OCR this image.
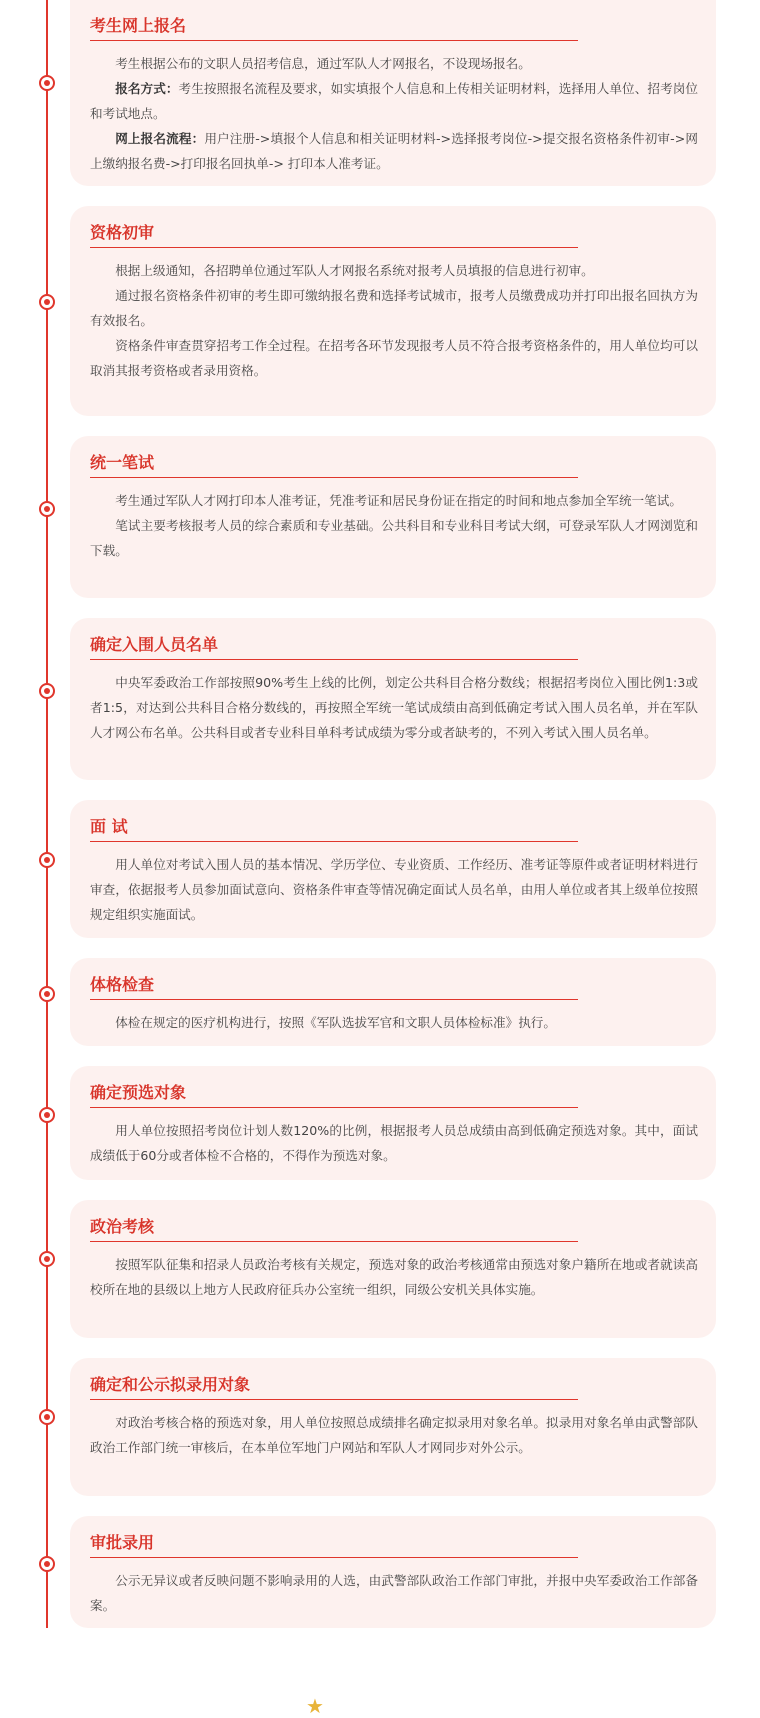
考生网上报名

考生根据公布的文职人员招考信息，通过军队人才网报名，不设现场报名。

报名方式：考生按照报名流程及要求，如实填报个人信息和上传相关证明材料，选择用人单位、招考岗位和考试地点。

网上报名流程：用户注册->填报个人信息和相关证明材料->选择报考岗位->提交报名资格条件初审->网上缴纳报名费->打印报名回执单-> 打印本人准考证。

资格初审

根据上级通知，各招聘单位通过军队人才网报名系统对报考人员填报的信息进行初审。

通过报名资格条件初审的考生即可缴纳报名费和选择考试城市，报考人员缴费成功并打印出报名回执方为有效报名。

资格条件审查贯穿招考工作全过程。在招考各环节发现报考人员不符合报考资格条件的，用人单位均可以取消其报考资格或者录用资格。

统一笔试

考生通过军队人才网打印本人准考证，凭准考证和居民身份证在指定的时间和地点参加全军统一笔试。

笔试主要考核报考人员的综合素质和专业基础。公共科目和专业科目考试大纲，可登录军队人才网浏览和下载。

确定入围人员名单

中央军委政治工作部按照90%考生上线的比例，划定公共科目合格分数线；根据招考岗位入围比例1:3或者1:5，对达到公共科目合格分数线的，再按照全军统一笔试成绩由高到低确定考试入围人员名单，并在军队人才网公布名单。公共科目或者专业科目单科考试成绩为零分或者缺考的，不列入考试入围人员名单。

面 试

用人单位对考试入围人员的基本情况、学历学位、专业资质、工作经历、准考证等原件或者证明材料进行审查，依据报考人员参加面试意向、资格条件审查等情况确定面试人员名单，由用人单位或者其上级单位按照规定组织实施面试。

体格检查

体检在规定的医疗机构进行，按照《军队选拔军官和文职人员体检标准》执行。

确定预选对象

用人单位按照招考岗位计划人数120%的比例，根据报考人员总成绩由高到低确定预选对象。其中，面试成绩低于60分或者体检不合格的，不得作为预选对象。

政治考核

按照军队征集和招录人员政治考核有关规定，预选对象的政治考核通常由预选对象户籍所在地或者就读高校所在地的县级以上地方人民政府征兵办公室统一组织，同级公安机关具体实施。

确定和公示拟录用对象

对政治考核合格的预选对象，用人单位按照总成绩排名确定拟录用对象名单。拟录用对象名单由武警部队政治工作部门统一审核后，在本单位军地门户网站和军队人才网同步对外公示。

审批录用

公示无异议或者反映问题不影响录用的人选，由武警部队政治工作部门审批，并报中央军委政治工作部备案。

★
